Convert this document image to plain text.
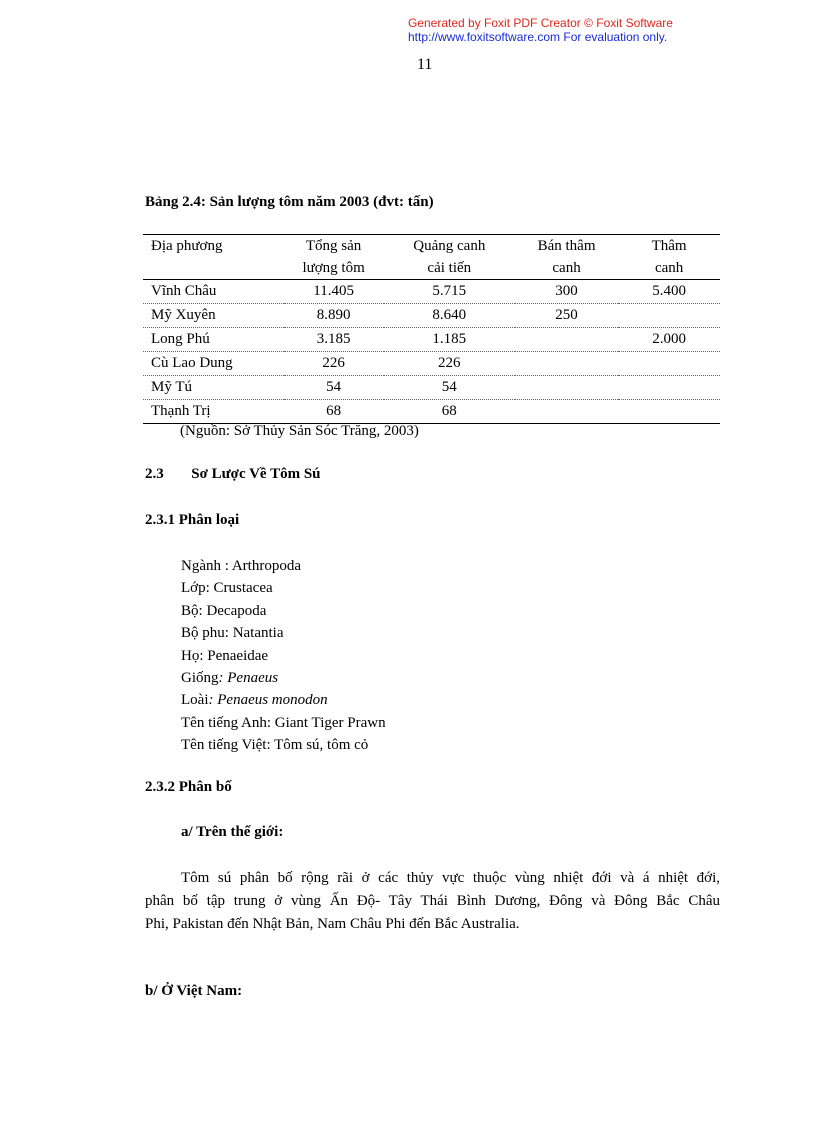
Generated by Foxit PDF Creator © Foxit Software
http://www.foxitsoftware.com For evaluation only.
11
Bảng 2.4: Sản lượng tôm năm 2003 (đvt: tấn)
Địa phương	Tổng sản	Quảng canh	Bán thâm	Thâm
	lượng tôm	cải tiến	canh	canh
Vĩnh Châu	11.405	5.715	300	5.400
Mỹ Xuyên	8.890	8.640	250	
Long Phú	3.185	1.185		2.000
Cù Lao Dung	226	226		
Mỹ Tú	54	54		
Thạnh Trị	68	68		
(Nguồn: Sở Thủy Sản Sóc Trăng, 2003)
2.3 Sơ Lược Về Tôm Sú
2.3.1 Phân loại
Ngành : Arthropoda
Lớp: Crustacea
Bộ: Decapoda
Bộ phu: Natantia
Họ: Penaeidae
Giống: Penaeus
Loài: Penaeus monodon
Tên tiếng Anh: Giant Tiger Prawn
Tên tiếng Việt: Tôm sú, tôm cỏ
2.3.2 Phân bố
a/ Trên thế giới:
Tôm sú phân bố rộng rãi ở các thủy vực thuộc vùng nhiệt đới và á nhiệt đới,
phân bố tập trung ở vùng Ấn Độ- Tây Thái Bình Dương, Đông và Đông Bắc Châu
Phi, Pakistan đến Nhật Bản, Nam Châu Phi đến Bắc Australia.
b/ Ở Việt Nam:
